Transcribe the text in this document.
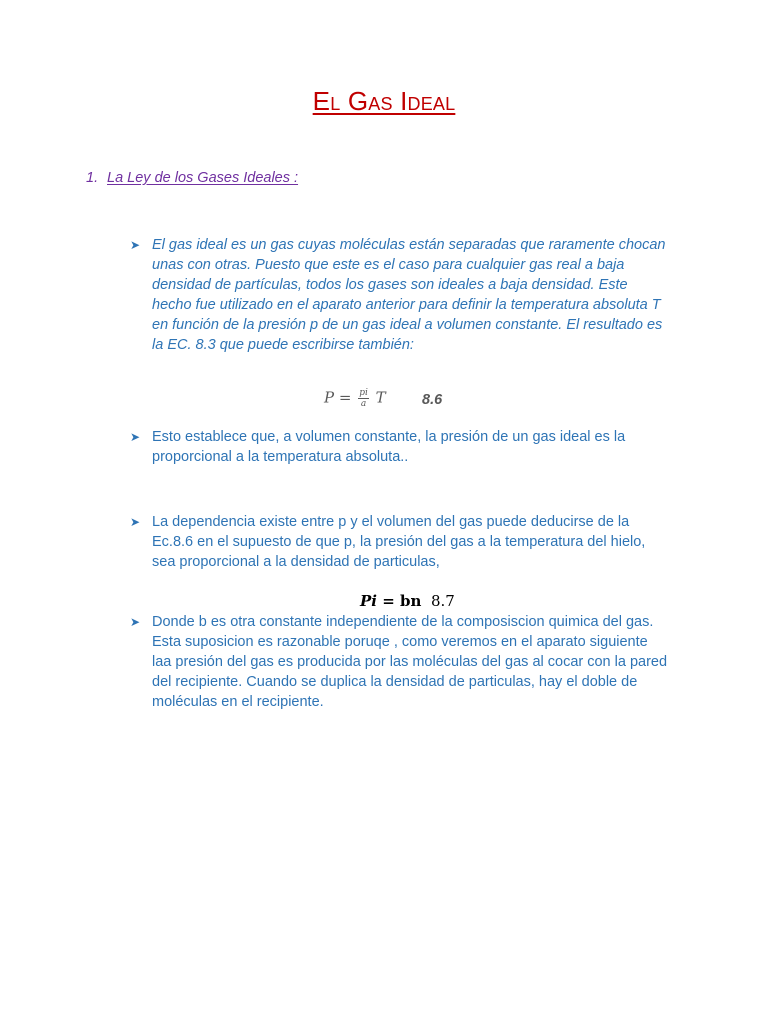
El Gas Ideal
1. La Ley de los Gases Ideales :
➤ El gas ideal es un gas cuyas moléculas están separadas que raramente chocan unas con otras. Puesto que este es el caso para cualquier gas real a baja densidad de partículas, todos los gases son ideales a baja densidad. Este hecho fue utilizado en el aparato anterior para definir la temperatura absoluta T en función de la presión p de un gas ideal a volumen constante. El resultado es la EC. 8.3 que puede escribirse también:
$P = \frac{pi}{a}$ T	8.6
➤ Esto establece que, a volumen constante, la presión de un gas ideal es la proporcional a la temperatura absoluta..
➤ La dependencia existe entre p y el volumen del gas puede deducirse de la Ec.8.6 en el supuesto de que p, la presión del gas a la temperatura del hielo, sea proporcional a la densidad de particulas,
Pi = bn 8.7
➤ Donde b es otra constante independiente de la composiscion quimica del gas. Esta suposicion es razonable poruqe , como veremos en el aparato siguiente laa presión del gas es producida por las moléculas del gas al cocar con la pared del recipiente. Cuando se duplica la densidad de particulas, hay el doble de moléculas en el recipiente.
